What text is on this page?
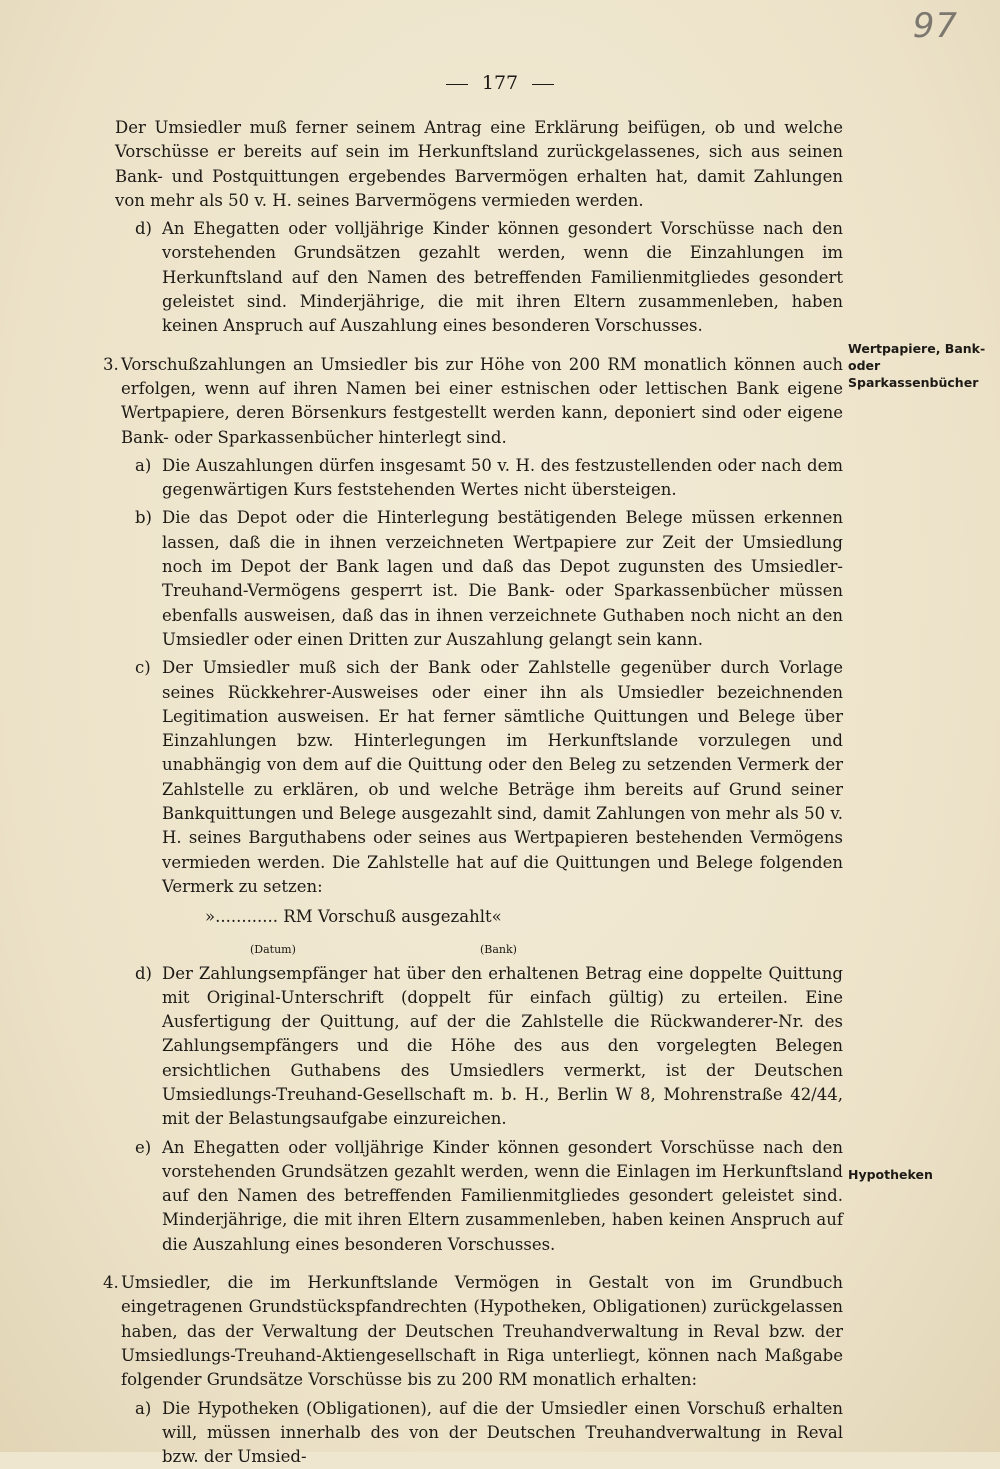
97
177
Wertpapiere, Bank- oder Sparkassenbücher
Hypotheken

Der Umsiedler muß ferner seinem Antrag eine Erklärung beifügen, ob und welche Vorschüsse er bereits auf sein im Herkunftsland zurückgelassenes, sich aus seinen Bank- und Postquittungen ergebendes Barvermögen erhalten hat, damit Zahlungen von mehr als 50 v. H. seines Barvermögens vermieden werden.

d) An Ehegatten oder volljährige Kinder können gesondert Vorschüsse nach den vorstehenden Grundsätzen gezahlt werden, wenn die Einzahlungen im Herkunftsland auf den Namen des betreffenden Familienmitgliedes gesondert geleistet sind. Minderjährige, die mit ihren Eltern zusammenleben, haben keinen Anspruch auf Auszahlung eines besonderen Vorschusses.

3. Vorschußzahlungen an Umsiedler bis zur Höhe von 200 RM monatlich können auch erfolgen, wenn auf ihren Namen bei einer estnischen oder lettischen Bank eigene Wertpapiere, deren Börsenkurs festgestellt werden kann, deponiert sind oder eigene Bank- oder Sparkassenbücher hinterlegt sind.

a) Die Auszahlungen dürfen insgesamt 50 v. H. des festzustellenden oder nach dem gegenwärtigen Kurs feststehenden Wertes nicht übersteigen.

b) Die das Depot oder die Hinterlegung bestätigenden Belege müssen erkennen lassen, daß die in ihnen verzeichneten Wertpapiere zur Zeit der Umsiedlung noch im Depot der Bank lagen und daß das Depot zugunsten des Umsiedler-Treuhand-Vermögens gesperrt ist. Die Bank- oder Sparkassenbücher müssen ebenfalls ausweisen, daß das in ihnen verzeichnete Guthaben noch nicht an den Umsiedler oder einen Dritten zur Auszahlung gelangt sein kann.

c) Der Umsiedler muß sich der Bank oder Zahlstelle gegenüber durch Vorlage seines Rückkehrer-Ausweises oder einer ihn als Umsiedler bezeichnenden Legitimation ausweisen. Er hat ferner sämtliche Quittungen und Belege über Einzahlungen bzw. Hinterlegungen im Herkunftslande vorzulegen und unabhängig von dem auf die Quittung oder den Beleg zu setzenden Vermerk der Zahlstelle zu erklären, ob und welche Beträge ihm bereits auf Grund seiner Bankquittungen und Belege ausgezahlt sind, damit Zahlungen von mehr als 50 v. H. seines Barguthabens oder seines aus Wertpapieren bestehenden Vermögens vermieden werden. Die Zahlstelle hat auf die Quittungen und Belege folgenden Vermerk zu setzen:

»............ RM Vorschuß ausgezahlt«
(Datum)	(Bank)
d) Der Zahlungsempfänger hat über den erhaltenen Betrag eine doppelte Quittung mit Original-Unterschrift (doppelt für einfach gültig) zu erteilen. Eine Ausfertigung der Quittung, auf der die Zahlstelle die Rückwanderer-Nr. des Zahlungsempfängers und die Höhe des aus den vorgelegten Belegen ersichtlichen Guthabens des Umsiedlers vermerkt, ist der Deutschen Umsiedlungs-Treuhand-Gesellschaft m. b. H., Berlin W 8, Mohrenstraße 42/44, mit der Belastungsaufgabe einzureichen.

e) An Ehegatten oder volljährige Kinder können gesondert Vorschüsse nach den vorstehenden Grundsätzen gezahlt werden, wenn die Einlagen im Herkunftsland auf den Namen des betreffenden Familienmitgliedes gesondert geleistet sind. Minderjährige, die mit ihren Eltern zusammenleben, haben keinen Anspruch auf die Auszahlung eines besonderen Vorschusses.

4. Umsiedler, die im Herkunftslande Vermögen in Gestalt von im Grundbuch eingetragenen Grundstückspfandrechten (Hypotheken, Obligationen) zurückgelassen haben, das der Verwaltung der Deutschen Treuhandverwaltung in Reval bzw. der Umsiedlungs-Treuhand-Aktiengesellschaft in Riga unterliegt, können nach Maßgabe folgender Grundsätze Vorschüsse bis zu 200 RM monatlich erhalten:

a) Die Hypotheken (Obligationen), auf die der Umsiedler einen Vorschuß erhalten will, müssen innerhalb des von der Deutschen Treuhandverwaltung in Reval bzw. der Umsied-
